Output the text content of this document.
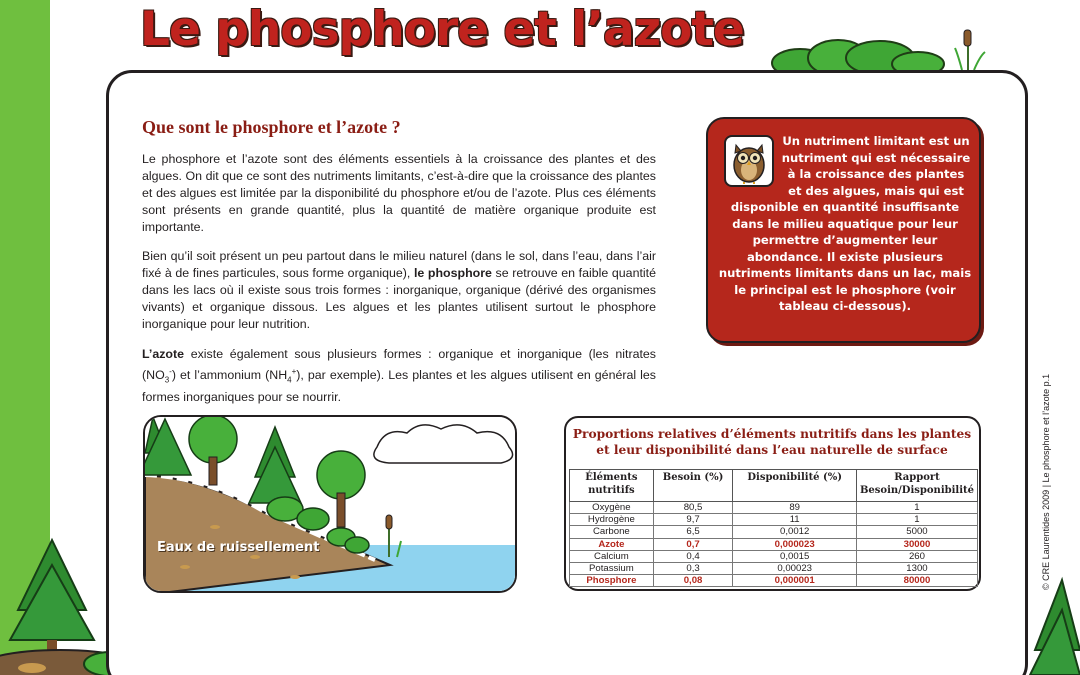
Le phosphore et l’azote
Que sont le phosphore et l’azote ?

Le phosphore et l’azote sont des éléments essentiels à la croissance des plantes et des algues. On dit que ce sont des nutriments limitants, c’est-à-dire que la croissance des plantes et des algues est limitée par la disponibilité du phosphore et/ou de l’azote. Plus ces éléments sont présents en grande quantité, plus la quantité de matière organique produite est importante.

Bien qu’il soit présent un peu partout dans le milieu naturel (dans le sol, dans l’eau, dans l’air fixé à de fines particules, sous forme organique), le phosphore se retrouve en faible quantité dans les lacs où il existe sous trois formes : inorganique, organique (dérivé des organismes vivants) et organique dissous. Les algues et les plantes utilisent surtout le phosphore inorganique pour leur nutrition.

L’azote existe également sous plusieurs formes : organique et inorganique (les nitrates $(NO_3^-)$ et l’ammonium $(NH_4^+)$, par exemple). Les plantes et les algues utilisent en général les formes inorganiques pour se nourrir.

Un nutriment limitant est un nutriment qui est nécessaire à la croissance des plantes et des algues, mais qui est disponible en quantité insuffisante dans le milieu aquatique pour leur permettre d’augmenter leur abondance. Il existe plusieurs nutriments limitants dans un lac, mais le principal est le phosphore (voir tableau ci-dessous).
Eaux de ruissellement
Proportions relatives d’éléments nutritifs dans les plantes et leur disponibilité dans l’eau naturelle de surface
Éléments nutritifs	Besoin (%)	Disponibilité (%)	Rapport Besoin/Disponibilité
Oxygène	80,5	89	1
Hydrogène	9,7	11	1
Carbone	6,5	0,0012	5000
Azote	0,7	0,000023	30000
Calcium	0,4	0,0015	260
Potassium	0,3	0,00023	1300
Phosphore	0,08	0,000001	80000	© CRE Laurentides 2009 | Le phosphore et l’azote p.1
